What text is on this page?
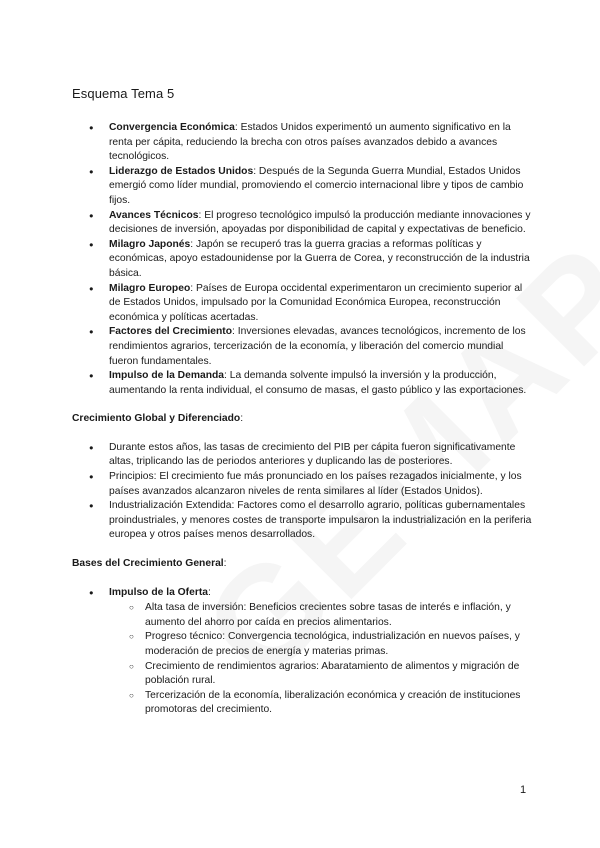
Esquema Tema 5
● Convergencia Económica: Estados Unidos experimentó un aumento significativo en la renta per cápita, reduciendo la brecha con otros países avanzados debido a avances tecnológicos.
● Liderazgo de Estados Unidos: Después de la Segunda Guerra Mundial, Estados Unidos emergió como líder mundial, promoviendo el comercio internacional libre y tipos de cambio fijos.
● Avances Técnicos: El progreso tecnológico impulsó la producción mediante innovaciones y decisiones de inversión, apoyadas por disponibilidad de capital y expectativas de beneficio.
● Milagro Japonés: Japón se recuperó tras la guerra gracias a reformas políticas y económicas, apoyo estadounidense por la Guerra de Corea, y reconstrucción de la industria básica.
● Milagro Europeo: Países de Europa occidental experimentaron un crecimiento superior al de Estados Unidos, impulsado por la Comunidad Económica Europea, reconstrucción económica y políticas acertadas.
● Factores del Crecimiento: Inversiones elevadas, avances tecnológicos, incremento de los rendimientos agrarios, tercerización de la economía, y liberación del comercio mundial fueron fundamentales.
● Impulso de la Demanda: La demanda solvente impulsó la inversión y la producción, aumentando la renta individual, el consumo de masas, el gasto público y las exportaciones.
Crecimiento Global y Diferenciado:
● Durante estos años, las tasas de crecimiento del PIB per cápita fueron significativamente altas, triplicando las de periodos anteriores y duplicando las de posteriores.
● Principios: El crecimiento fue más pronunciado en los países rezagados inicialmente, y los países avanzados alcanzaron niveles de renta similares al líder (Estados Unidos).
● Industrialización Extendida: Factores como el desarrollo agrario, políticas gubernamentales proindustriales, y menores costes de transporte impulsaron la industrialización en la periferia europea y otros países menos desarrollados.
Bases del Crecimiento General:
● Impulso de la Oferta:
○ Alta tasa de inversión: Beneficios crecientes sobre tasas de interés e inflación, y aumento del ahorro por caída en precios alimentarios.
○ Progreso técnico: Convergencia tecnológica, industrialización en nuevos países, y moderación de precios de energía y materias primas.
○ Crecimiento de rendimientos agrarios: Abaratamiento de alimentos y migración de población rural.
○ Tercerización de la economía, liberalización económica y creación de instituciones promotoras del crecimiento.
1
